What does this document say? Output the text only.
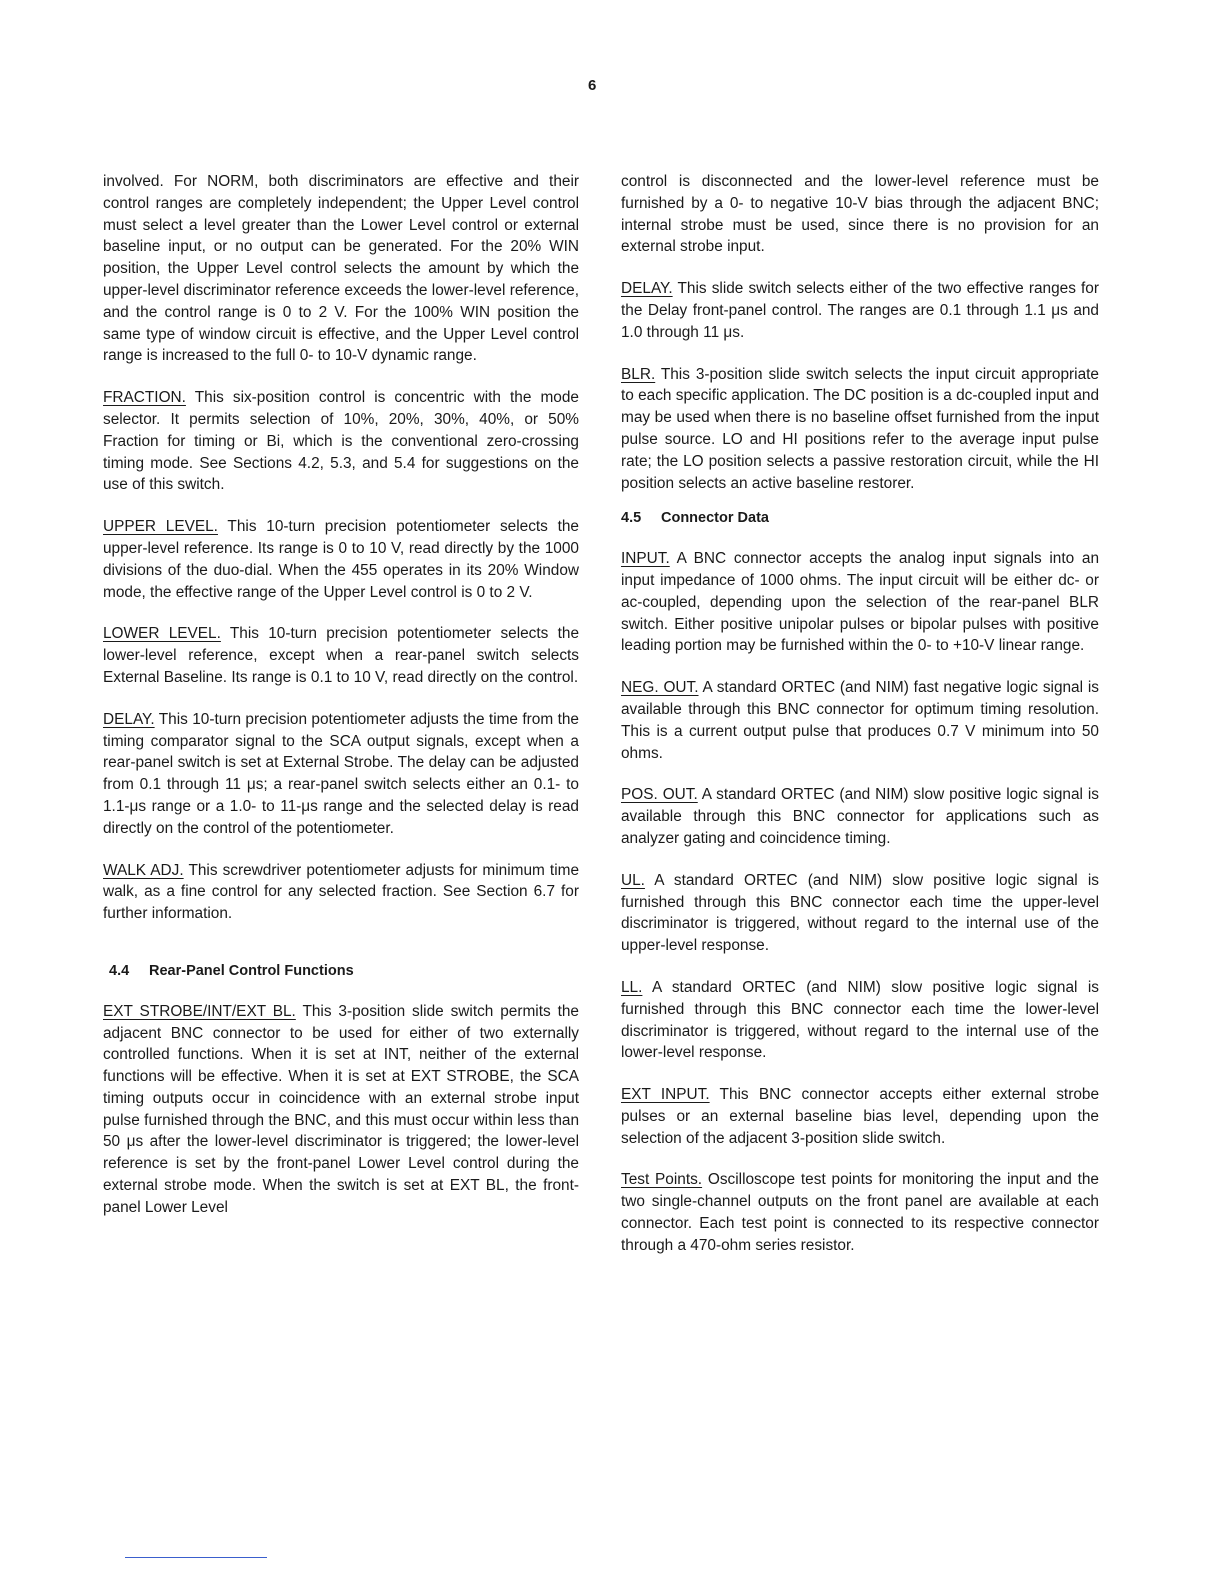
6

involved. For NORM, both discriminators are effective and their control ranges are completely independent; the Upper Level control must select a level greater than the Lower Level control or external baseline input, or no output can be generated. For the 20% WIN position, the Upper Level control selects the amount by which the upper-level discriminator reference exceeds the lower-level reference, and the control range is 0 to 2 V. For the 100% WIN position the same type of window circuit is effective, and the Upper Level control range is increased to the full 0- to 10-V dynamic range.

FRACTION. This six-position control is concentric with the mode selector. It permits selection of 10%, 20%, 30%, 40%, or 50% Fraction for timing or Bi, which is the conventional zero-crossing timing mode. See Sections 4.2, 5.3, and 5.4 for suggestions on the use of this switch.

UPPER LEVEL. This 10-turn precision potentiometer selects the upper-level reference. Its range is 0 to 10 V, read directly by the 1000 divisions of the duo-dial. When the 455 operates in its 20% Window mode, the effective range of the Upper Level control is 0 to 2 V.

LOWER LEVEL. This 10-turn precision potentiometer selects the lower-level reference, except when a rear-panel switch selects External Baseline. Its range is 0.1 to 10 V, read directly on the control.

DELAY. This 10-turn precision potentiometer adjusts the time from the timing comparator signal to the SCA output signals, except when a rear-panel switch is set at External Strobe. The delay can be adjusted from 0.1 through 11 μs; a rear-panel switch selects either an 0.1- to 1.1-μs range or a 1.0- to 11-μs range and the selected delay is read directly on the control of the potentiometer.

WALK ADJ. This screwdriver potentiometer adjusts for minimum time walk, as a fine control for any selected fraction. See Section 6.7 for further information.

4.4 Rear-Panel Control Functions

EXT STROBE/INT/EXT BL. This 3-position slide switch permits the adjacent BNC connector to be used for either of two externally controlled functions. When it is set at INT, neither of the external functions will be effective. When it is set at EXT STROBE, the SCA timing outputs occur in coincidence with an external strobe input pulse furnished through the BNC, and this must occur within less than 50 μs after the lower-level discriminator is triggered; the lower-level reference is set by the front-panel Lower Level control during the external strobe mode. When the switch is set at EXT BL, the front-panel Lower Level

control is disconnected and the lower-level reference must be furnished by a 0- to negative 10-V bias through the adjacent BNC; internal strobe must be used, since there is no provision for an external strobe input.

DELAY. This slide switch selects either of the two effective ranges for the Delay front-panel control. The ranges are 0.1 through 1.1 μs and 1.0 through 11 μs.

BLR. This 3-position slide switch selects the input circuit appropriate to each specific application. The DC position is a dc-coupled input and may be used when there is no baseline offset furnished from the input pulse source. LO and HI positions refer to the average input pulse rate; the LO position selects a passive restoration circuit, while the HI position selects an active baseline restorer.

4.5 Connector Data

INPUT. A BNC connector accepts the analog input signals into an input impedance of 1000 ohms. The input circuit will be either dc- or ac-coupled, depending upon the selection of the rear-panel BLR switch. Either positive unipolar pulses or bipolar pulses with positive leading portion may be furnished within the 0- to +10-V linear range.

NEG. OUT. A standard ORTEC (and NIM) fast negative logic signal is available through this BNC connector for optimum timing resolution. This is a current output pulse that produces 0.7 V minimum into 50 ohms.

POS. OUT. A standard ORTEC (and NIM) slow positive logic signal is available through this BNC connector for applications such as analyzer gating and coincidence timing.

UL. A standard ORTEC (and NIM) slow positive logic signal is furnished through this BNC connector each time the upper-level discriminator is triggered, without regard to the internal use of the upper-level response.

LL. A standard ORTEC (and NIM) slow positive logic signal is furnished through this BNC connector each time the lower-level discriminator is triggered, without regard to the internal use of the lower-level response.

EXT INPUT. This BNC connector accepts either external strobe pulses or an external baseline bias level, depending upon the selection of the adjacent 3-position slide switch.

Test Points. Oscilloscope test points for monitoring the input and the two single-channel outputs on the front panel are available at each connector. Each test point is connected to its respective connector through a 470-ohm series resistor.
